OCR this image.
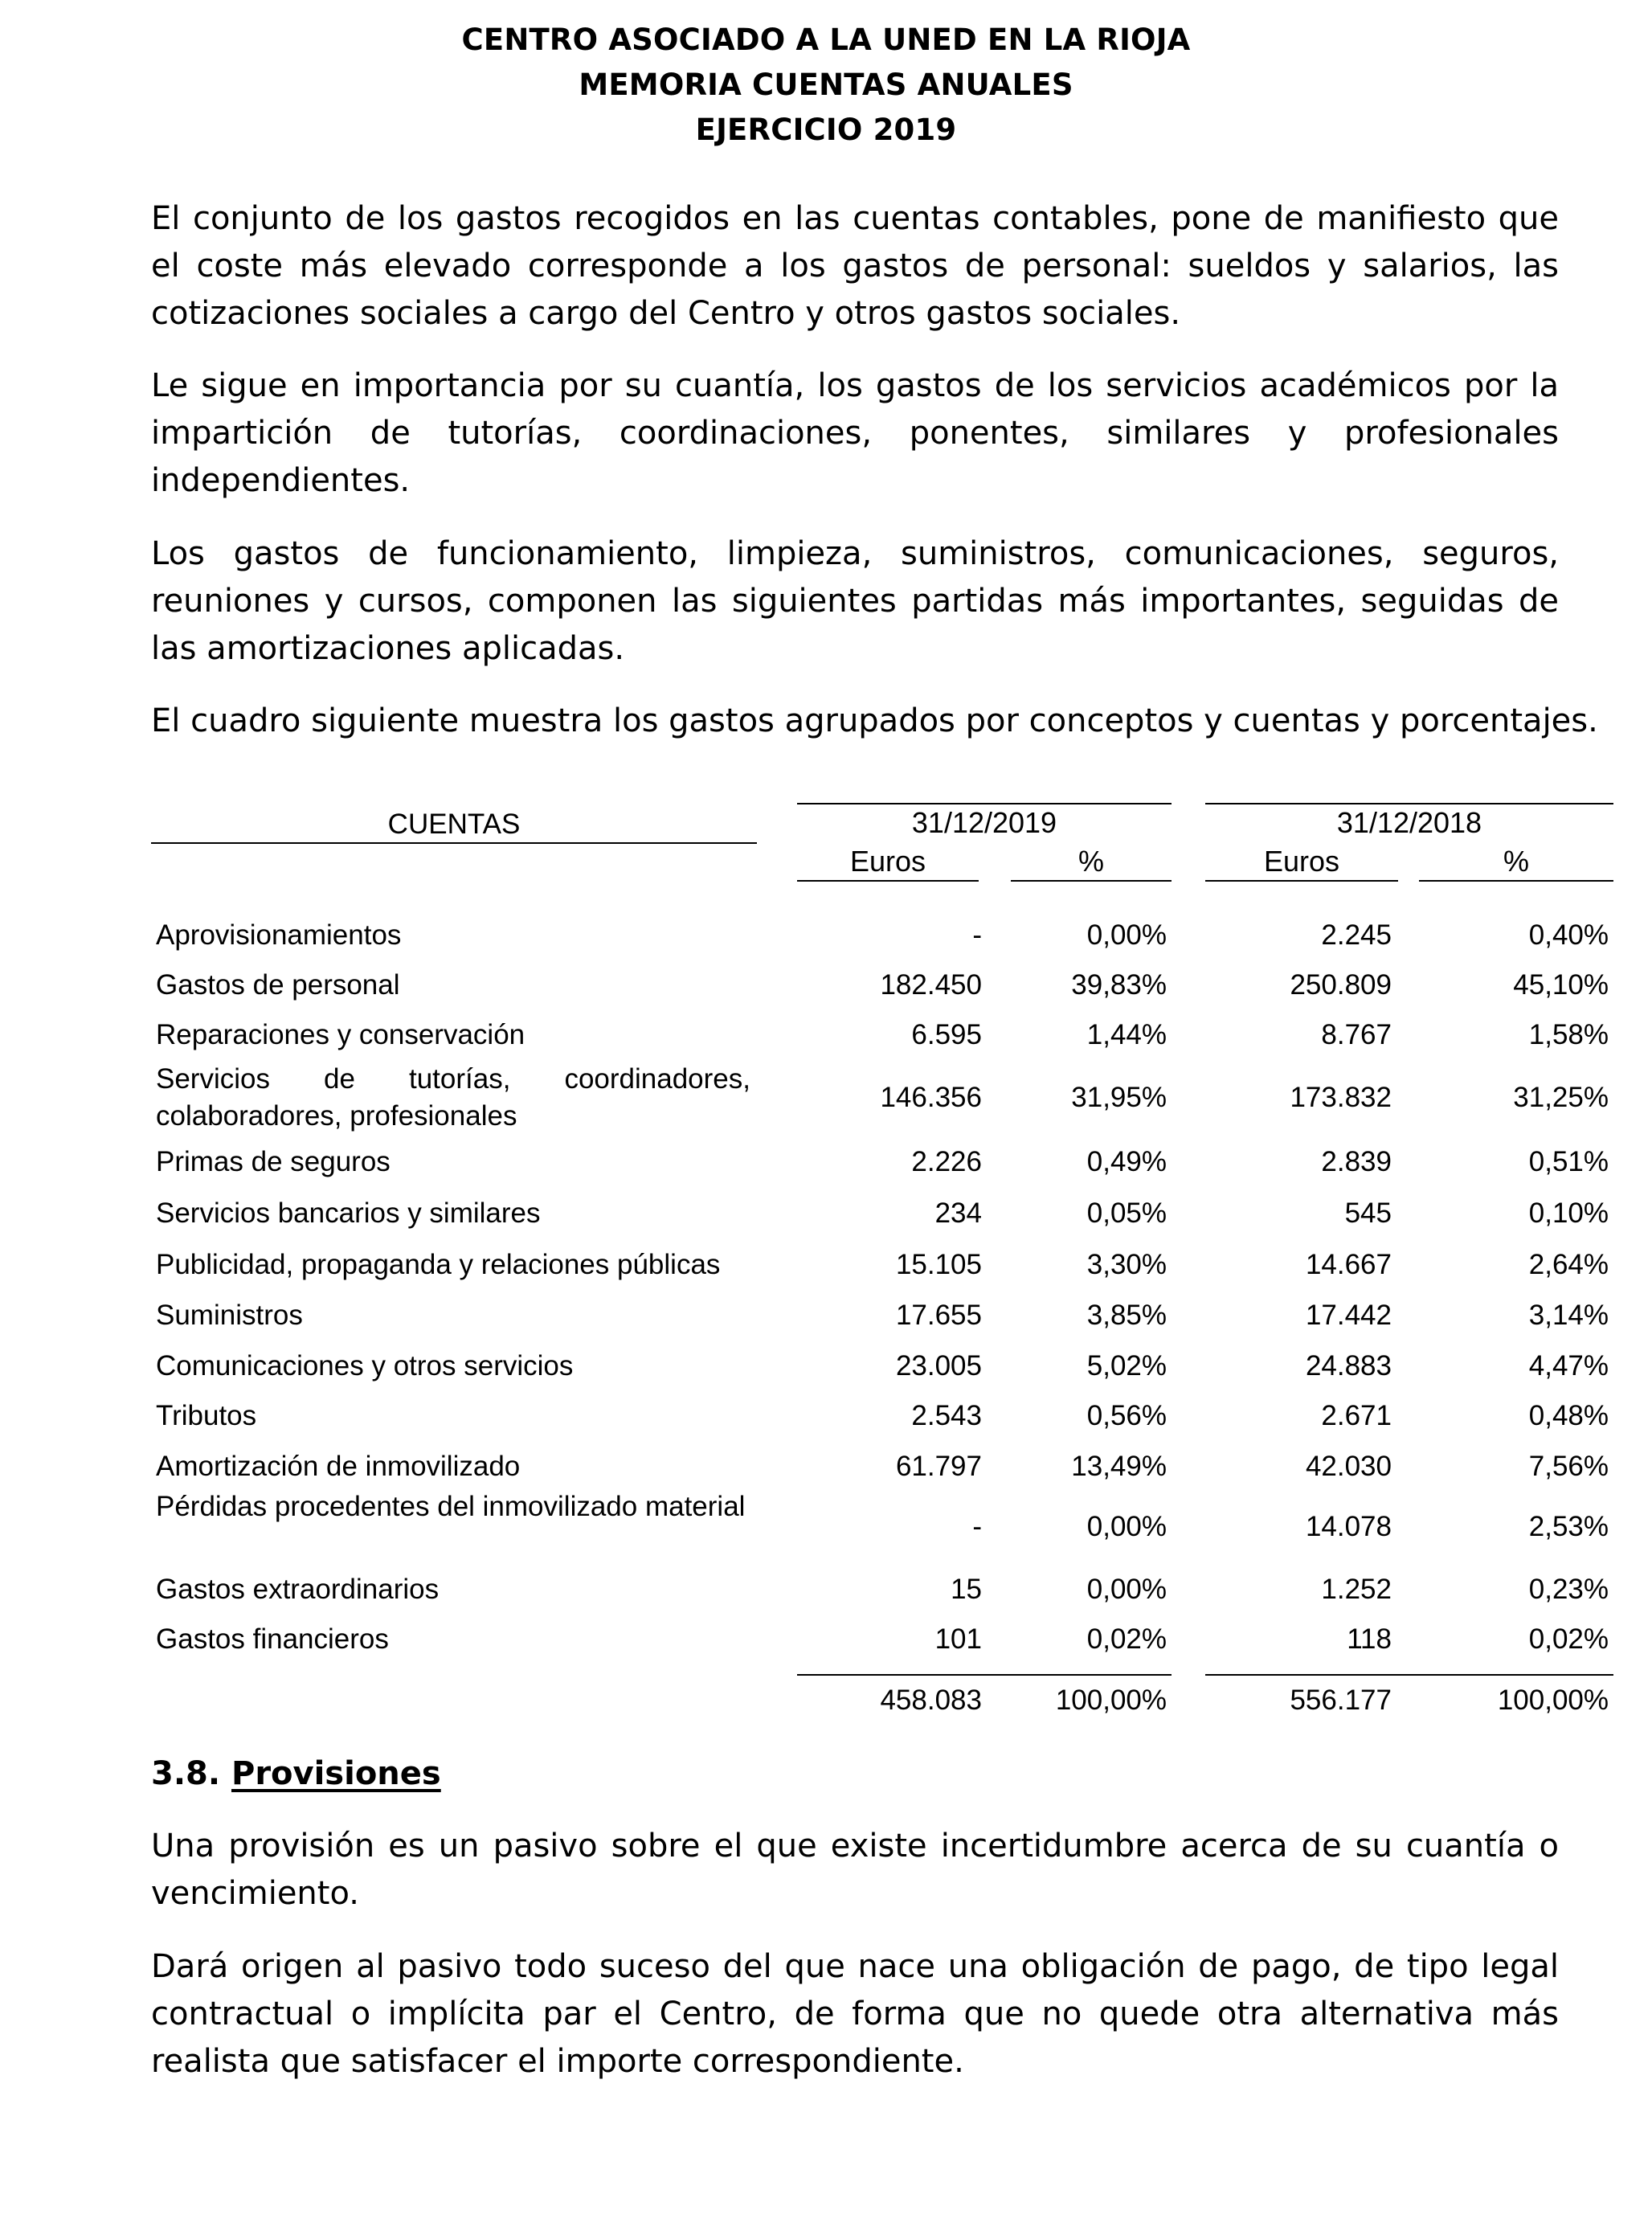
CENTRO ASOCIADO A LA UNED EN LA RIOJA
MEMORIA CUENTAS ANUALES
EJERCICIO 2019
El conjunto de los gastos recogidos en las cuentas contables, pone de manifiesto que el coste más elevado corresponde a los gastos de personal: sueldos y salarios, las cotizaciones sociales a cargo del Centro y otros gastos sociales.
Le sigue en importancia por su cuantía, los gastos de los servicios académicos por la impartición de tutorías, coordinaciones, ponentes, similares y profesionales independientes.
Los gastos de funcionamiento, limpieza, suministros, comunicaciones, seguros, reuniones y cursos, componen las siguientes partidas más importantes, seguidas de las amortizaciones aplicadas.
El cuadro siguiente muestra los gastos agrupados por conceptos y cuentas y porcentajes.
CUENTAS	31/12/2019	31/12/2018
Euros	%	Euros	%
Aprovisionamientos	-	0,00%	2.245	0,40%
Gastos de personal	182.450	39,83%	250.809	45,10%
Reparaciones y conservación	6.595	1,44%	8.767	1,58%
Servicios de tutorías, coordinadores, colaboradores, profesionales
146.356	31,95%	173.832	31,25%
Primas de seguros	2.226	0,49%	2.839	0,51%
Servicios bancarios y similares	234	0,05%	545	0,10%
Publicidad, propaganda y relaciones públicas	15.105	3,30%	14.667	2,64%
Suministros	17.655	3,85%	17.442	3,14%
Comunicaciones y otros servicios	23.005	5,02%	24.883	4,47%
Tributos	2.543	0,56%	2.671	0,48%
Amortización de inmovilizado	61.797	13,49%	42.030	7,56%
Pérdidas procedentes del inmovilizado material
-	0,00%	14.078	2,53%
Gastos extraordinarios	15	0,00%	1.252	0,23%
Gastos financieros	101	0,02%	118	0,02%
458.083	100,00%	556.177	100,00%
3.8. Provisiones
Una provisión es un pasivo sobre el que existe incertidumbre acerca de su cuantía o vencimiento.
Dará origen al pasivo todo suceso del que nace una obligación de pago, de tipo legal contractual o implícita par el Centro, de forma que no quede otra alternativa más realista que satisfacer el importe correspondiente.
